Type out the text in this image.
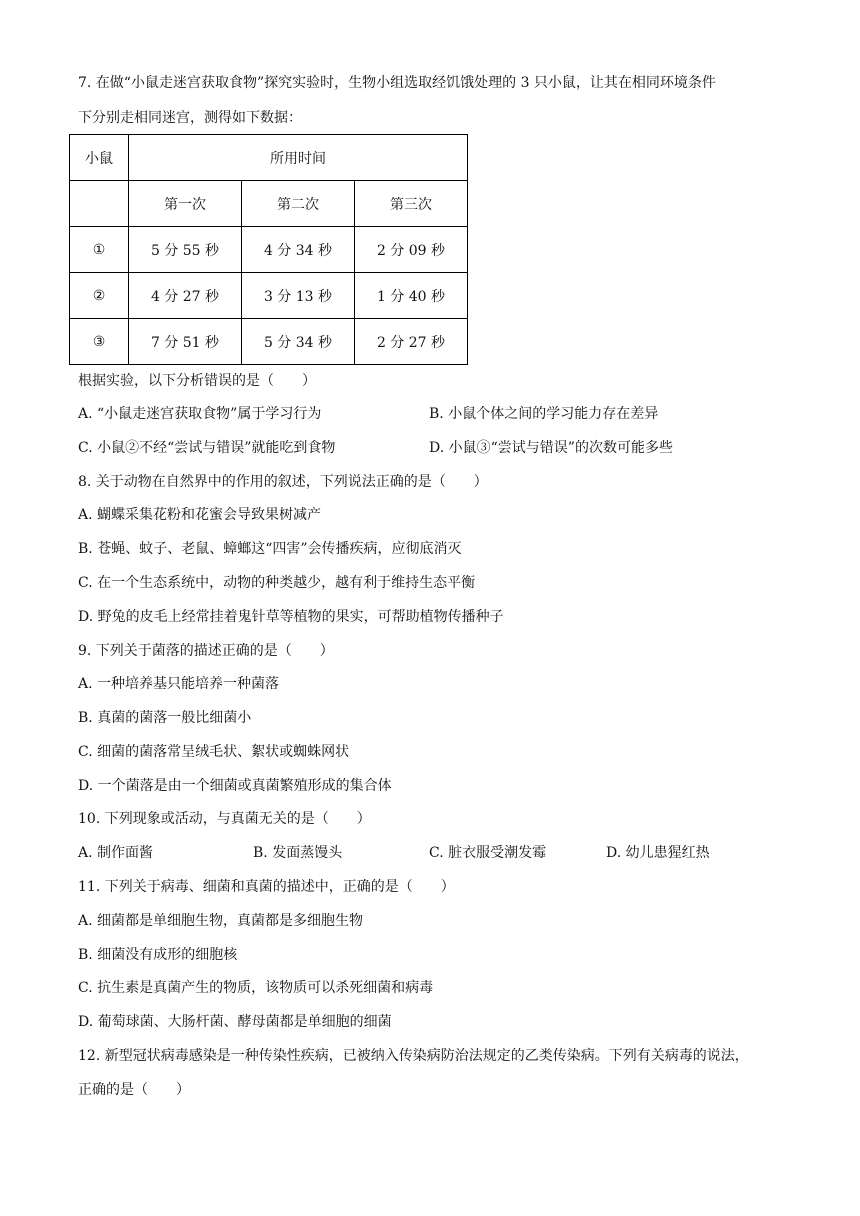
7. 在做“小鼠走迷宫获取食物”探究实验时，生物小组选取经饥饿处理的 3 只小鼠，让其在相同环境条件
下分别走相同迷宫，测得如下数据：
小鼠	所用时间		
	第一次	第二次	第三次
①	5 分 55 秒	4 分 34 秒	2 分 09 秒
②	4 分 27 秒	3 分 13 秒	1 分 40 秒
③	7 分 51 秒	5 分 34 秒	2 分 27 秒
根据实验，以下分析错误的是（　　）
A. “小鼠走迷宫获取食物”属于学习行为	B. 小鼠个体之间的学习能力存在差异
C. 小鼠②不经“尝试与错误”就能吃到食物	D. 小鼠③“尝试与错误”的次数可能多些
8. 关于动物在自然界中的作用的叙述，下列说法正确的是（　　）
A. 蝴蝶采集花粉和花蜜会导致果树减产
B. 苍蝇、蚊子、老鼠、蟑螂这“四害”会传播疾病，应彻底消灭
C. 在一个生态系统中，动物的种类越少，越有利于维持生态平衡
D. 野兔的皮毛上经常挂着鬼针草等植物的果实，可帮助植物传播种子
9. 下列关于菌落的描述正确的是（　　）
A. 一种培养基只能培养一种菌落
B. 真菌的菌落一般比细菌小
C. 细菌的菌落常呈绒毛状、絮状或蜘蛛网状
D. 一个菌落是由一个细菌或真菌繁殖形成的集合体
10. 下列现象或活动，与真菌无关的是（　　）
A. 制作面酱	B. 发面蒸馒头	C. 脏衣服受潮发霉	D. 幼儿患猩红热
11. 下列关于病毒、细菌和真菌的描述中，正确的是（　　）
A. 细菌都是单细胞生物，真菌都是多细胞生物
B. 细菌没有成形的细胞核
C. 抗生素是真菌产生的物质，该物质可以杀死细菌和病毒
D. 葡萄球菌、大肠杆菌、酵母菌都是单细胞的细菌
12. 新型冠状病毒感染是一种传染性疾病，已被纳入传染病防治法规定的乙类传染病。下列有关病毒的说法，
正确的是（　　）
